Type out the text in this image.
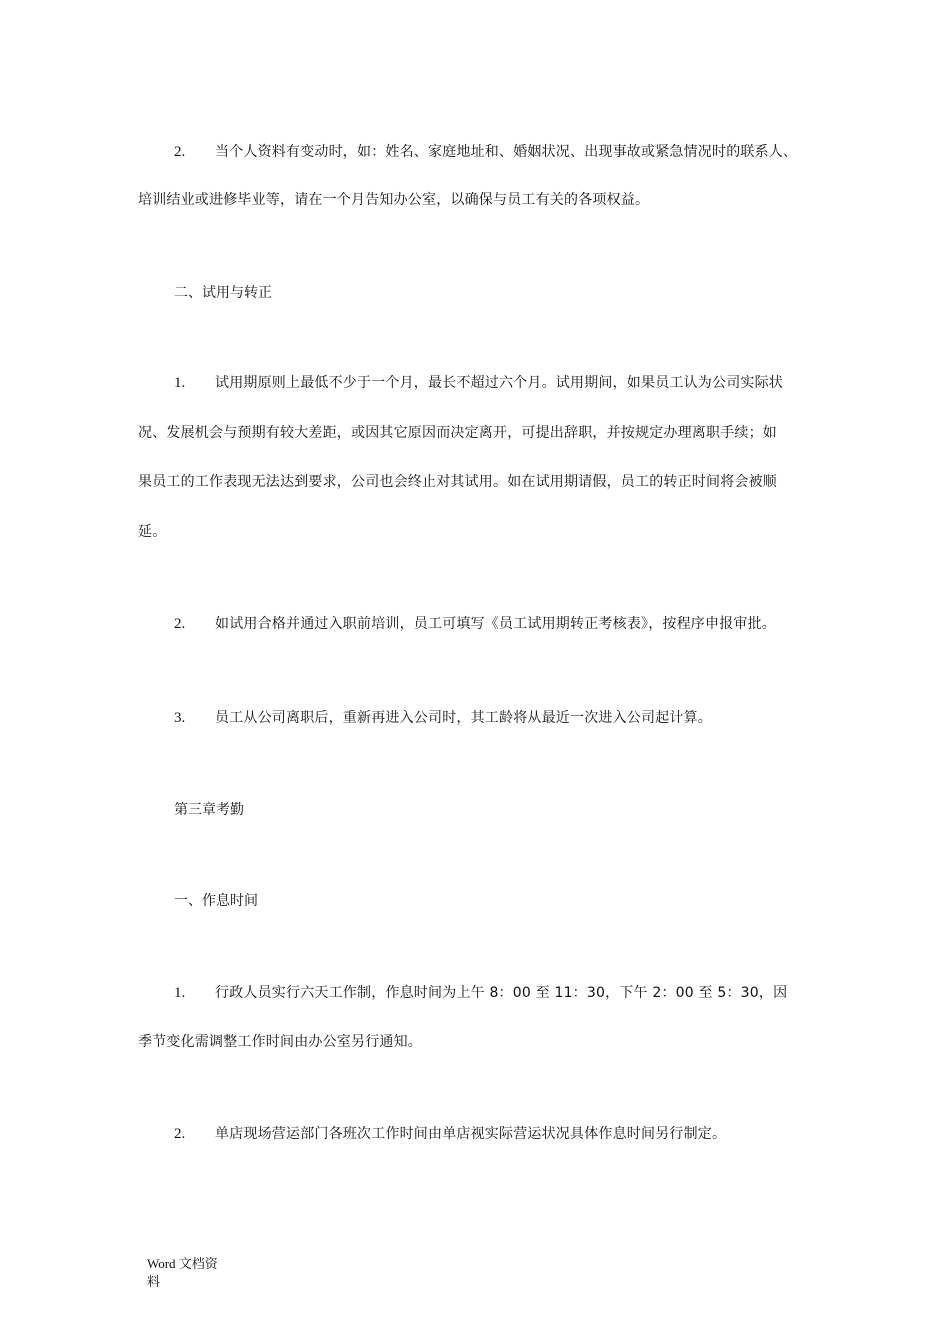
2. 当个人资料有变动时，如：姓名、家庭地址和、婚姻状况、出现事故或紧急情况时的联系人、
培训结业或进修毕业等，请在一个月告知办公室，以确保与员工有关的各项权益。
二、试用与转正
1. 试用期原则上最低不少于一个月，最长不超过六个月。试用期间，如果员工认为公司实际状
况、发展机会与预期有较大差距，或因其它原因而决定离开，可提出辞职，并按规定办理离职手续；如
果员工的工作表现无法达到要求，公司也会终止对其试用。如在试用期请假，员工的转正时间将会被顺
延。
2. 如试用合格并通过入职前培训，员工可填写《员工试用期转正考核表》，按程序申报审批。
3. 员工从公司离职后，重新再进入公司时，其工龄将从最近一次进入公司起计算。
第三章考勤
一、作息时间
1. 行政人员实行六天工作制，作息时间为上午 8：00 至 11：30，下午 2：00 至 5：30，因
季节变化需调整工作时间由办公室另行通知。
2. 单店现场营运部门各班次工作时间由单店视实际营运状况具体作息时间另行制定。
Word 文档资
料
